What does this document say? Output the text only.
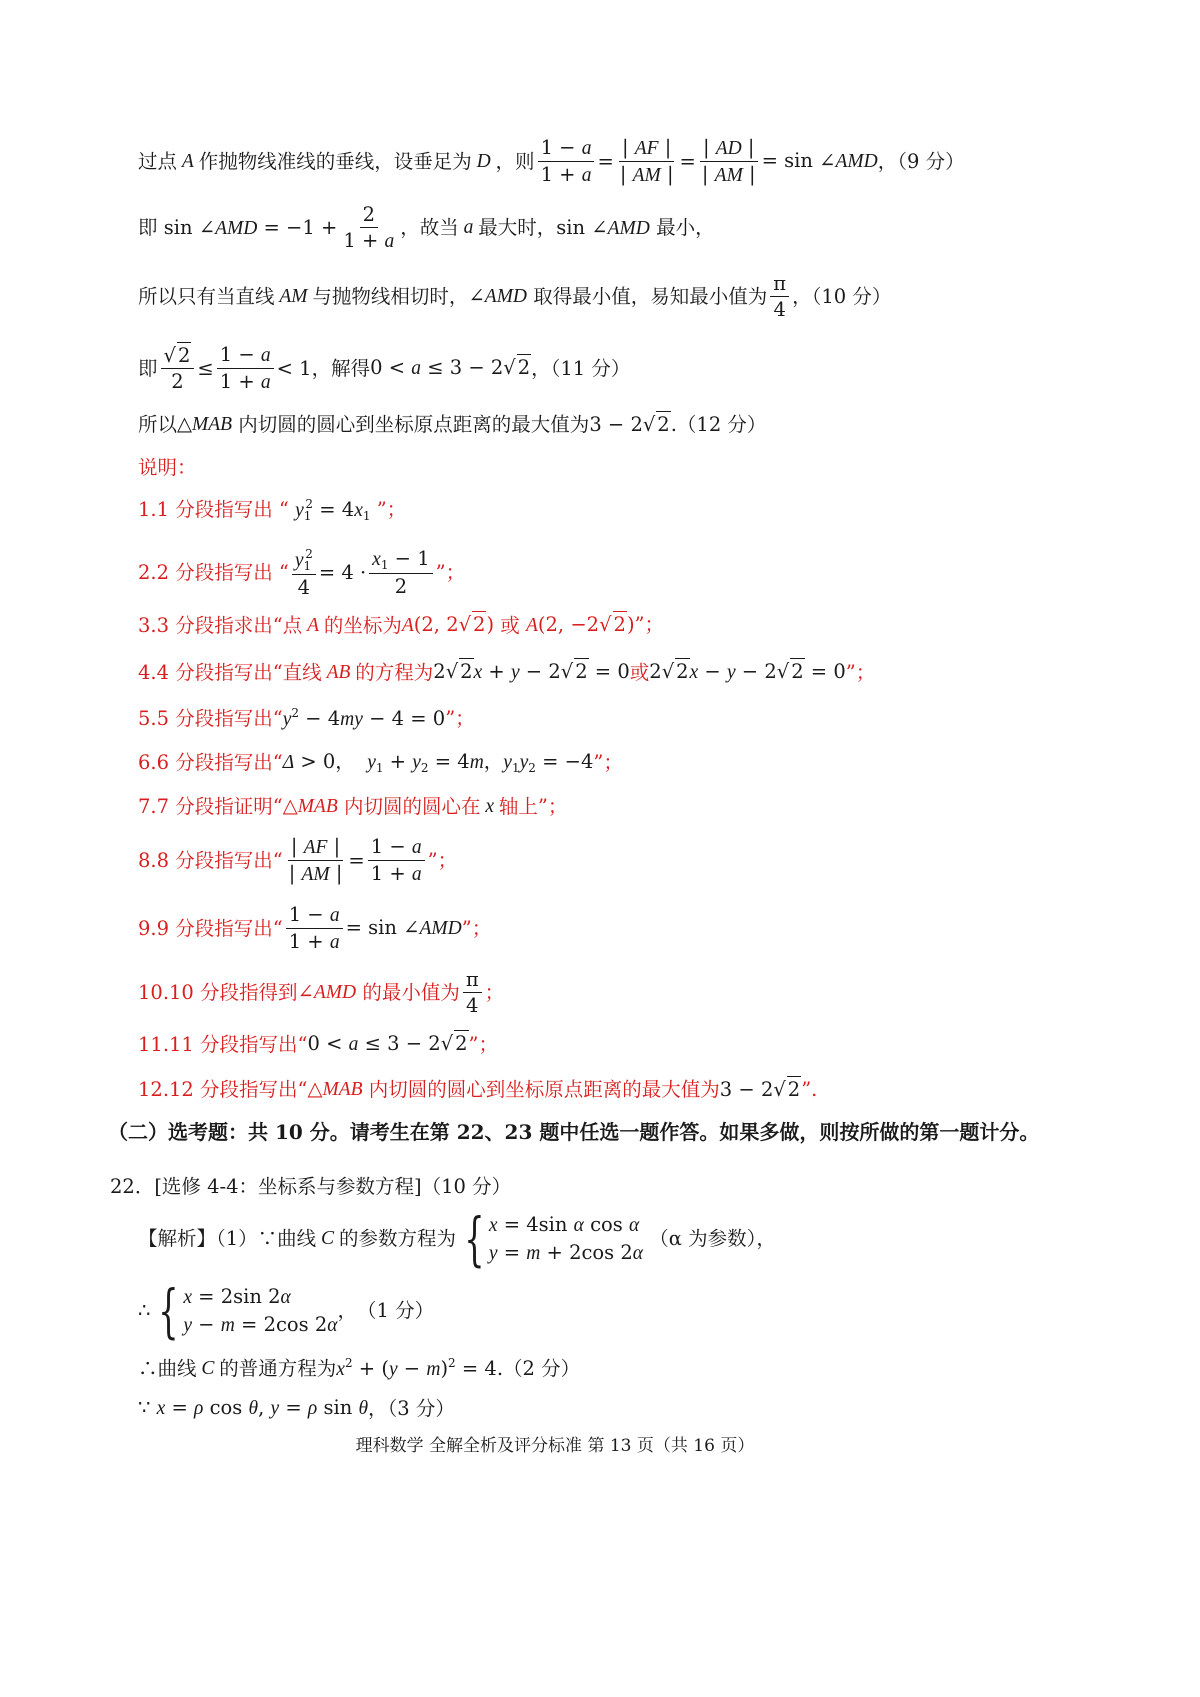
过点 A 作抛物线准线的垂线，设垂足为 D ，则 $\frac{1 - a}{1 + a} = \frac{| AF |}{| AM |} = \frac{| AD |}{| AM |} = \sin$ ∠AMD ，（9 分）
即 sin ∠AMD = $-1 + \frac{2}{1 + a}$ ，故当 a 最大时， sin ∠AMD 最小，
所以只有当直线 AM 与抛物线相切时， ∠AMD 取得最小值，易知最小值为 $\frac{\pi}{4}$ ，（10 分）
即 $\frac{√ 2}{2} \le \frac{1 - a}{1 + a} < 1$ ，解得 0 < a ≤ 3 − 2√ 2 ，（11 分）
所以 △MAB 内切圆的圆心到坐标原点距离的最大值为 3 − 2√ 2 .（12 分）
说明：
1.1 分段指写出 “ $y_1^2 = 4x_1$ ”；
2.2 分段指写出 “ $\frac{y_1^2}{4} = 4 \cdot \frac{x_1 - 1}{2}$ ”；
3.3 分段指求出“点 A 的坐标为 A(2, 2√ 2) 或 A(2, −2√ 2)”；
4.4 分段指写出“直线 AB 的方程为 2√ 2x + y − 2√ 2 = 0 或 2√ 2x − y − 2√ 2 = 0 ”；
5.5 分段指写出“ $y^2 - 4my - 4 = 0$ ”；
6.6 分段指写出“ Δ > 0，  $y_1 + y_2 = 4m$，$y_1y_2 = -4$ ”；
7.7 分段指证明“ △MAB 内切圆的圆心在 x 轴上”；
8.8 分段指写出“ $\frac{| AF |}{| AM |} = \frac{1 - a}{1 + a}$ ”；
9.9 分段指写出“ $\frac{1 - a}{1 + a} = \sin$ ∠AMD ”；
10.10 分段指得到 ∠AMD 的最小值为 $\frac{\pi}{4}$ ；
11.11 分段指写出“ 0 < a ≤ 3 − 2√ 2 ”；
12.12 分段指写出“ △MAB 内切圆的圆心到坐标原点距离的最大值为 3 − 2√ 2 ”.
（二）选考题：共 10 分。请考生在第 22、23 题中任选一题作答。如果多做，则按所做的第一题计分。
22．[选修 4-4：坐标系与参数方程]（10 分）
【解析】（1）∵曲线 C 的参数方程为 { x = 4sin α cos α
y = m + 2cos 2α

（α 为参数），
∴ { x = 2sin 2α
y − m = 2cos 2α
， （1 分）
∴曲线 C 的普通方程为 $x^2 + (y - m)^2 = 4$ .（2 分）
∵ x = ρ cos θ, y = ρ sin θ ，（3 分）
理科数学 全解全析及评分标准 第 13 页（共 16 页）
